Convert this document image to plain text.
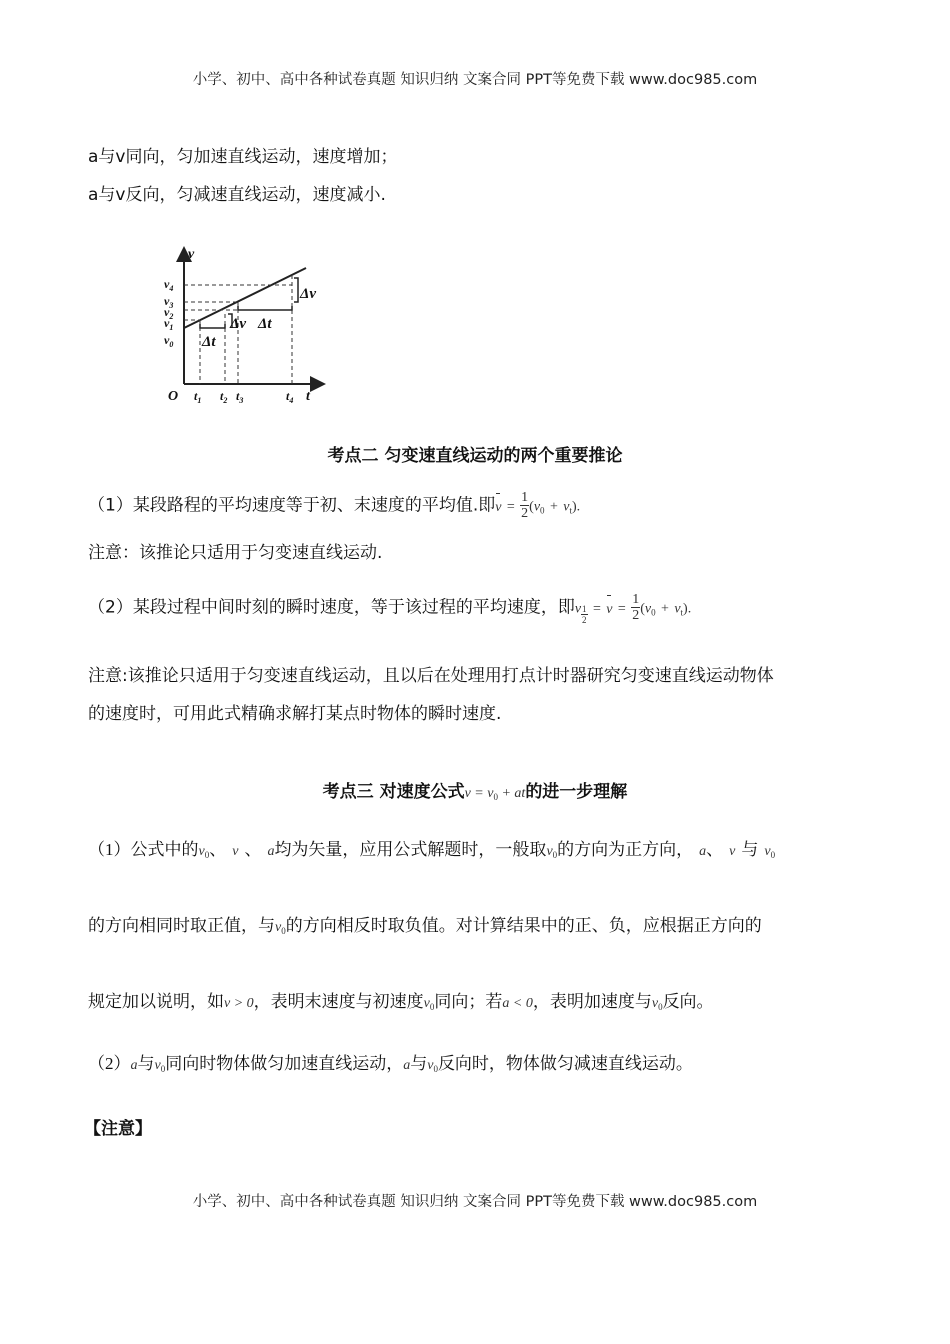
小学、初中、高中各种试卷真题 知识归纳 文案合同 PPT等免费下载 www.doc985.com
a与v同向，匀加速直线运动，速度增加；
a与v反向，匀减速直线运动，速度减小.
v
t
O
$v_4$
$v_3$
$v_2$
$v_1$
$v_0$
$t_1$ $t_2$ $t_3$	$t_4$
Δt
Δv Δt
Δv
考点二 匀变速直线运动的两个重要推论
（1）某段路程的平均速度等于初、末速度的平均值.即$v = \frac{1}{2} (v_0 + v_t)$.
注意：该推论只适用于匀变速直线运动.
（2）某段过程中间时刻的瞬时速度，等于该过程的平均速度，即v $\frac{1}{2} = v = \frac{1}{2} (v_0 + v_t)$.
注意:该推论只适用于匀变速直线运动，且以后在处理用打点计时器研究匀变速直线运动物体
的速度时，可用此式精确求解打某点时物体的瞬时速度.
考点三 对速度公式$v = v_0$ + at的进一步理解
（1）公式中的$v_0$、 v 、 a均为矢量，应用公式解题时，一般取$v_0$的方向为正方向， a、 v 与 $v_0$
的方向相同时取正值，与$v_0$的方向相反时取负值。对计算结果中的正、负，应根据正方向的
规定加以说明，如v > 0，表明末速度与初速度$v_0$同向；若a < 0，表明加速度与$v_0$反向。
（2）a与$v_0$同向时物体做匀加速直线运动，a与$v_0$反向时，物体做匀减速直线运动。
【注意】
小学、初中、高中各种试卷真题 知识归纳 文案合同 PPT等免费下载 www.doc985.com
